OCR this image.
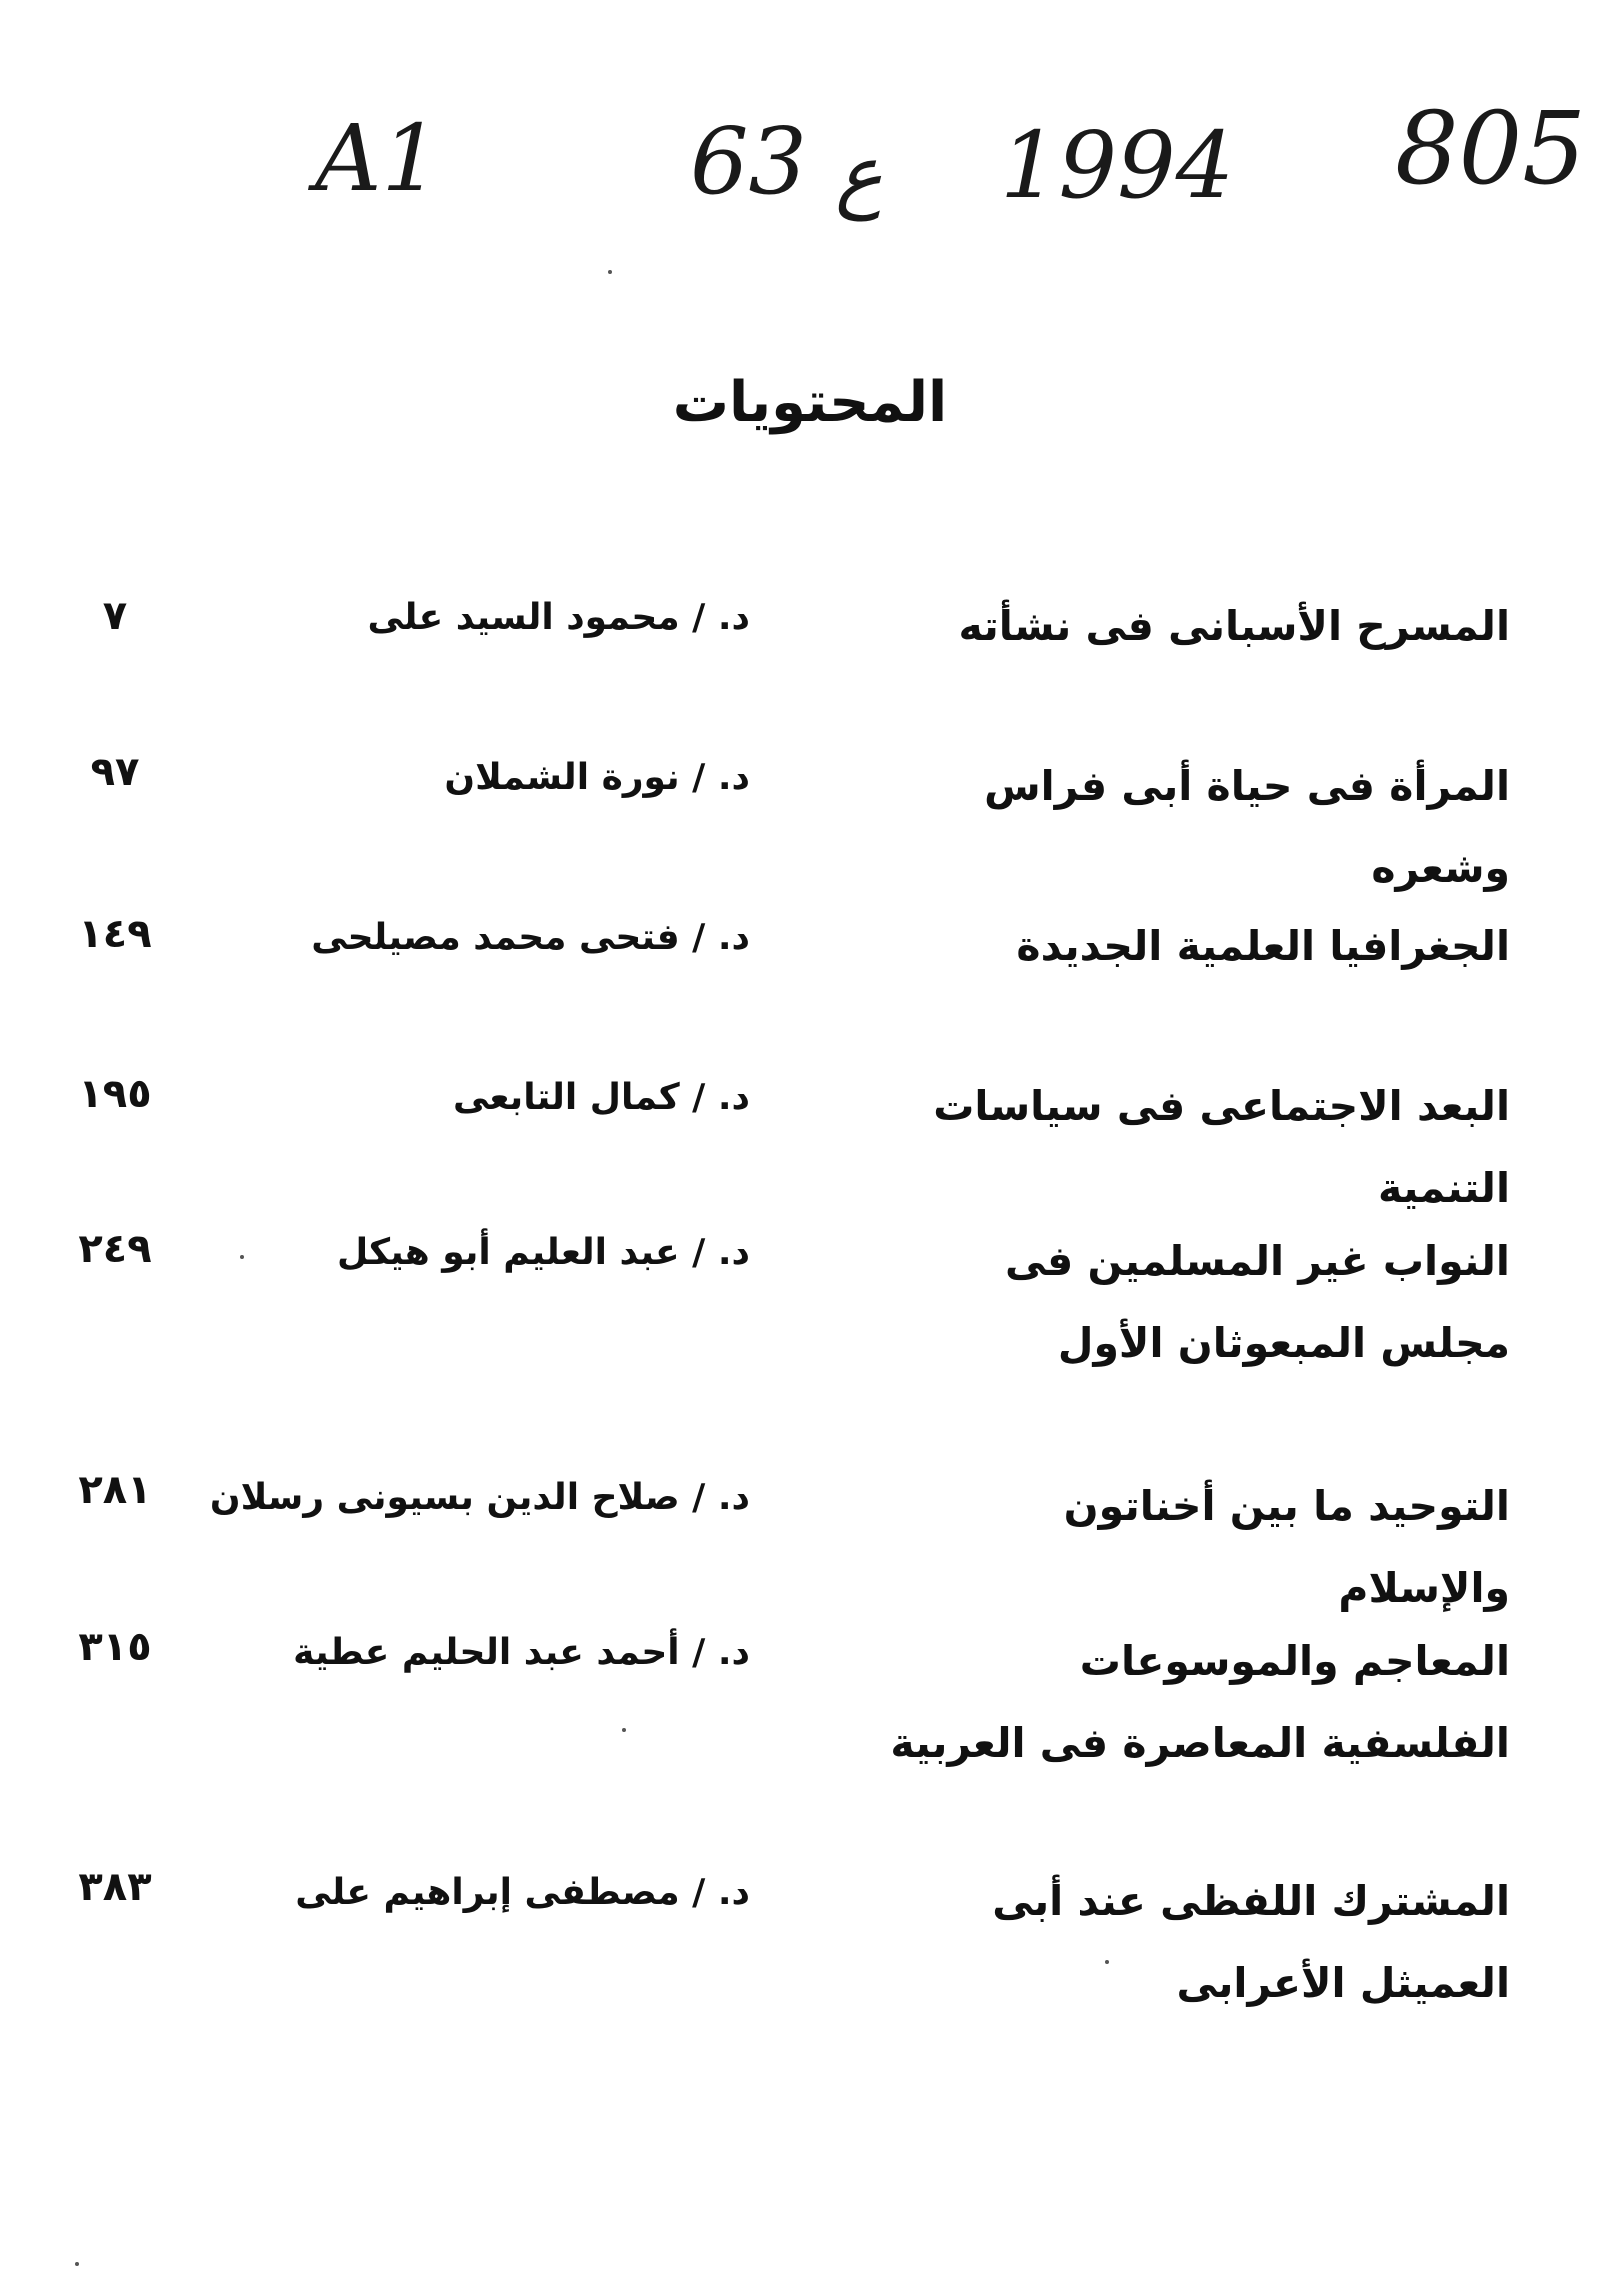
A1	63 ع 1994 805
المحتويات
المسرح الأسبانى فى نشأته
د. / محمود السيد على
٧
المرأة فى حياة أبى فراس وشعره
د. / نورة الشملان
٩٧
الجغرافيا العلمية الجديدة
د. / فتحى محمد مصيلحى
١٤٩
البعد الاجتماعى فى سياسات التنمية
د. / كمال التابعى
١٩٥
النواب غير المسلمين فى مجلس المبعوثان الأول
د. / عبد العليم أبو هيكل
٢٤٩
التوحيد ما بين أخناتون والإسلام
د. / صلاح الدين بسيونى رسلان
٢٨١
المعاجم والموسوعات الفلسفية المعاصرة فى العربية
د. / أحمد عبد الحليم عطية
٣١٥
المشترك اللفظى عند أبى العميثل الأعرابى
د. / مصطفى إبراهيم على
٣٨٣
